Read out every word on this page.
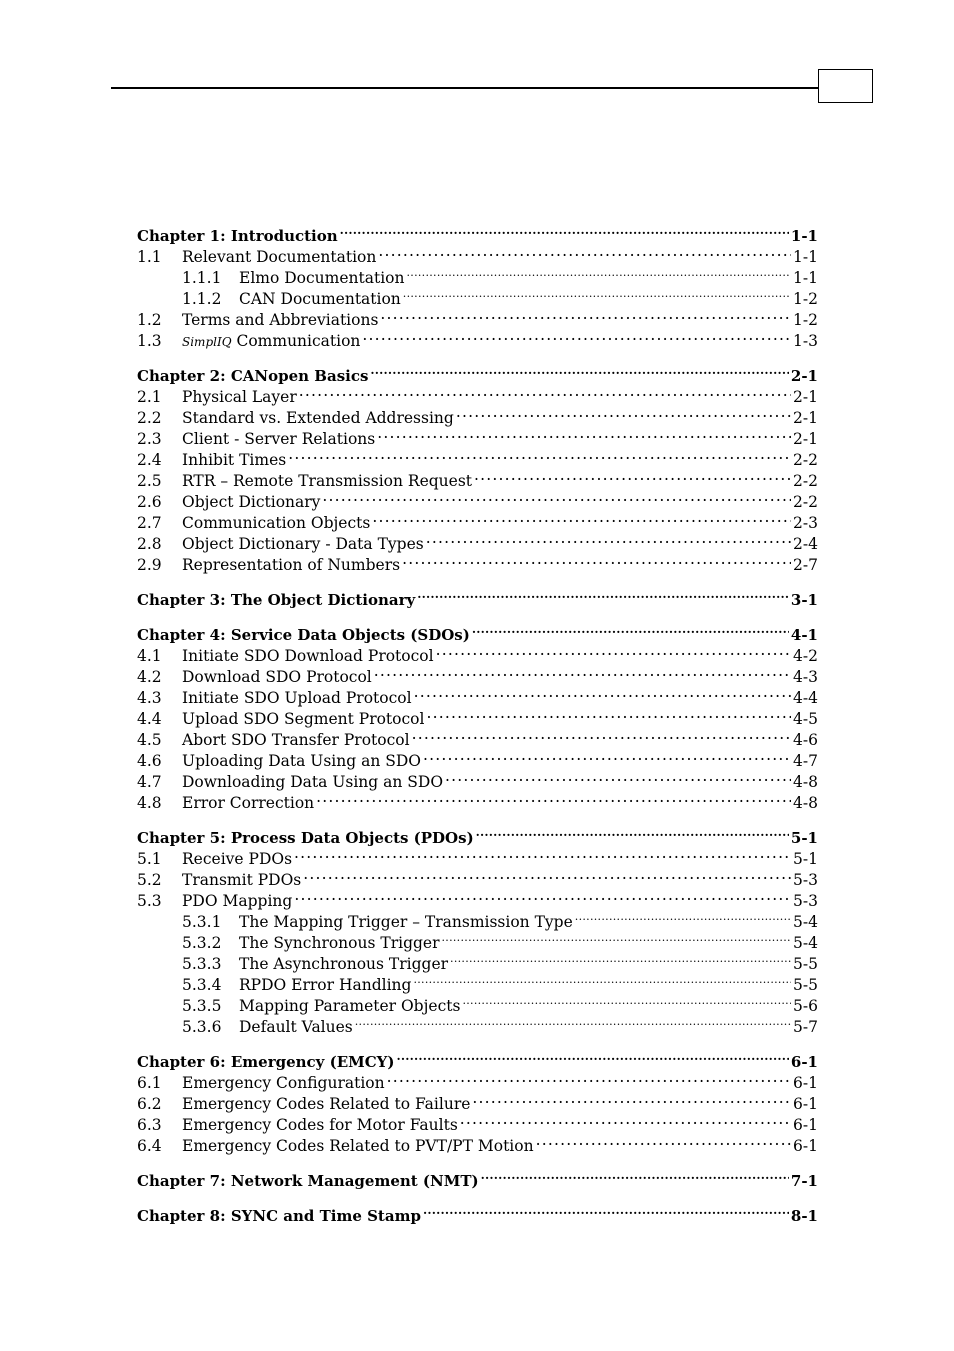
Chapter 1: Introduction .....	1-1
1.1	Relevant Documentation .....	1-1
1.1.1	Elmo Documentation .....	1-1
1.1.2	CAN Documentation .....	1-2
1.2	Terms and Abbreviations .....	1-2
1.3	SimplIQ Communication .....	1-3
Chapter 2: CANopen Basics .....	2-1
2.1	Physical Layer .....	2-1
2.2	Standard vs. Extended Addressing .....	2-1
2.3	Client - Server Relations .....	2-1
2.4	Inhibit Times .....	2-2
2.5	RTR – Remote Transmission Request .....	2-2
2.6	Object Dictionary .....	2-2
2.7	Communication Objects .....	2-3
2.8	Object Dictionary - Data Types .....	2-4
2.9	Representation of Numbers .....	2-7
Chapter 3: The Object Dictionary .....	3-1
Chapter 4: Service Data Objects (SDOs) .....	4-1
4.1	Initiate SDO Download Protocol .....	4-2
4.2	Download SDO Protocol .....	4-3
4.3	Initiate SDO Upload Protocol .....	4-4
4.4	Upload SDO Segment Protocol .....	4-5
4.5	Abort SDO Transfer Protocol .....	4-6
4.6	Uploading Data Using an SDO .....	4-7
4.7	Downloading Data Using an SDO .....	4-8
4.8	Error Correction .....	4-8
Chapter 5: Process Data Objects (PDOs) .....	5-1
5.1	Receive PDOs .....	5-1
5.2	Transmit PDOs .....	5-3
5.3	PDO Mapping .....	5-3
5.3.1	The Mapping Trigger – Transmission Type .....	5-4
5.3.2	The Synchronous Trigger .....	5-4
5.3.3	The Asynchronous Trigger .....	5-5
5.3.4	RPDO Error Handling .....	5-5
5.3.5	Mapping Parameter Objects .....	5-6
5.3.6	Default Values .....	5-7
Chapter 6: Emergency (EMCY) .....	6-1
6.1	Emergency Configuration .....	6-1
6.2	Emergency Codes Related to Failure .....	6-1
6.3	Emergency Codes for Motor Faults .....	6-1
6.4	Emergency Codes Related to PVT/PT Motion .....	6-1
Chapter 7: Network Management (NMT) .....	7-1
Chapter 8: SYNC and Time Stamp .....	8-1
